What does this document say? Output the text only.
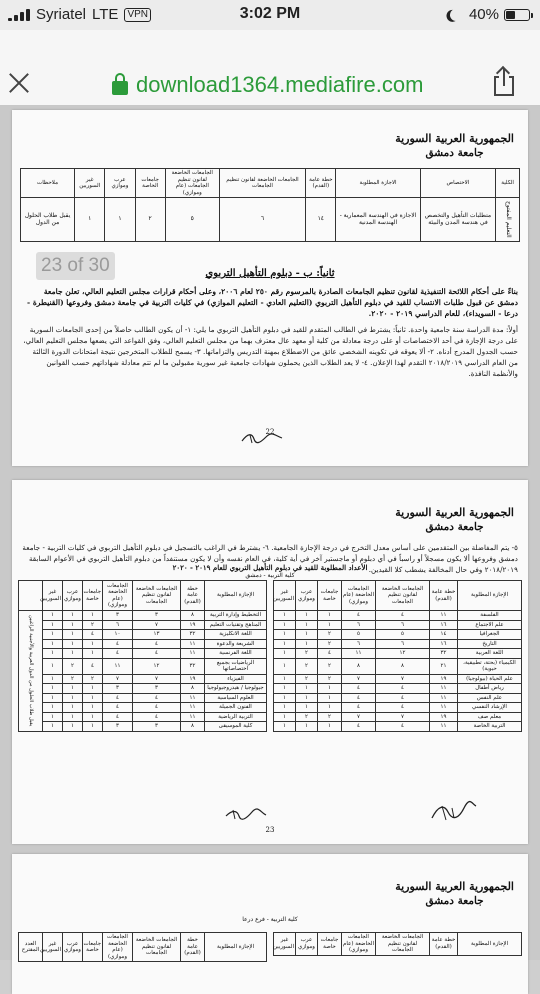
Syriatel LTE VPN	3:02 PM	40%
download1364.mediafire.com
23 of 30
الجمهورية العربية السورية
جامعة دمشق
الكلية	الاختصاص	الاجازة المطلوبة	خطة عامة (القدم)	الجامعات الخاضعة لقانون تنظيم الجامعات	الجامعات الخاضعة لقانون تنظيم الجامعات (عام وموازي)	جامعات الخاصة	عرب وموازي	غير السوريين	ملاحظات
التعليم المفتوح	متطلبات التأهيل والتخصص في هندسة المدن والبيئة	الاجازة في الهندسة المعمارية - الهندسة المدنية	١٤	٦	٥	٢	١	١	يقبل طلاب الحلول من الدول
ثانياً: ب - دبلوم التأهيل التربوي
بناءً على أحكام اللائحة التنفيذية لقانون تنظيم الجامعات الصادرة بالمرسوم رقم ٢٥٠ لعام ٢٠٠٦، وعلى أحكام قرارات مجلس التعليم العالي، تعلن جامعة دمشق عن قبول طلبات الانتساب للقيد في دبلوم التأهيل التربوي (التعليم العادي - التعليم الموازي) في كليات التربية في جامعة دمشق وفروعها (القنيطرة - درعا - السويداء)، للعام الدراسي ٢٠١٩ - ٢٠٢٠.
أولاً: مدة الدراسة سنة جامعية واحدة. ثانياً: يشترط في الطالب المتقدم للقيد في دبلوم التأهيل التربوي ما يلي: ١- أن يكون الطالب حاصلاً من إحدى الجامعات السورية على درجة الإجازة في أحد الاختصاصات أو على درجة معادلة من كلية أو معهد عال معترف بهما من مجلس التعليم العالي، وفق القواعد التي يضعها مجلس التعليم العالي، حسب الجدول المدرج أدناه. ٢- ألا يعوقه في تكوينه الشخصي عائق من الاضطلاع بمهنة التدريس والتزاماتها. ٣- يسمح للطلاب المتخرجين نتيجة امتحانات الدورة الثالثة من العام الدراسي ٢٠١٨/٢٠١٩ التقدم لهذا الإعلان. ٤- لا يعد الطلاب الذين يحملون شهادات جامعية غير سورية مقبولين ما لم تتم معادلة شهاداتهم حسب القوانين والأنظمة النافذة.
22
الجمهورية العربية السورية
جامعة دمشق
٥- يتم المفاضلة بين المتقدمين على أساس معدل التخرج في درجة الإجازة الجامعية. ٦- يشترط في الراغب بالتسجيل في دبلوم التأهيل التربوي في كليات التربية - جامعة دمشق وفروعها ألا يكون مسجلاً أو راسباً في أي دبلوم أو ماجستير آخر في أية كلية، في العام نفسه وأن لا يكون مستنفداً من دبلوم التأهيل التربوي في الأعوام السابقة ٢٠١٨/٢٠١٩ وفي حال المخالفة يشطب كلا القيدين.
الأعداد المطلوبة للقيد في دبلوم التأهيل التربوي للعام ٢٠١٩ - ٢٠٢٠
كلية التربية - دمشق
الإجازة المطلوبة	خطة عامة (القدم)	الجامعات الخاضعة لقانون تنظيم الجامعات	الجامعات الخاضعة (عام وموازي)	جامعات خاصة	عرب وموازي	غير السوريين
الفلسفة	١١	٤	٤	١	١	١
علم الاجتماع	١٦	٦	٦	١	١	١
الجغرافيا	١٤	٥	٥	٢	١	١
التاريخ	١٦	٦	٦	٢	١	١
اللغة العربية	٣٢	١٢	١١	٤	٢	١
الكيمياء (بحتة، تطبيقية، حيوية)	٢١	٨	٨	٢	٢	١
علم الحياة (بيولوجيا)	١٩	٧	٧	٢	٢	١
رياض أطفال	١١	٤	٤	١	١	١
علم النفس	١١	٤	٤	١	١	١
الإرشاد النفسي	١١	٤	٤	١	١	١
معلم صف	١٩	٧	٧	٢	٢	١
التربية الخاصة	١١	٤	٤	١	١	١
الإجازة المطلوبة	خطة عامة (القدم)	الجامعات الخاضعة لقانون تنظيم الجامعات	الجامعات الخاضعة (عام وموازي)	جامعات خاصة	عرب وموازي	غير السوريين	
التخطيط وإدارة التربية	٨	٣	٣	١	١	١	يقبل طلاب الحلول من الدول العربية والأجنبية الراغبين
المناهج وتقنيات التعليم	١٩	٧	٦	٢	١	١	
اللغة الانكليزية	٣٢	١٣	١٠	٤	١	١	
الشريعة والدعوة	١١	٤	٤	١	١	١	
اللغة الفرنسية	١١	٤	٤	١	١	١	
الرياضيات بجميع اختصاصاتها	٣٢	١٢	١١	٤	٢	١	
الفيزياء	١٩	٧	٧	٢	٢	١	
جيولوجيا / هيدروجيولوجيا	٨	٣	٣	١	١	١	
العلوم السياسية	١١	٤	٤	١	١	١	
الفنون الجميلة	١١	٤	٤	١	١	١	
التربية الرياضية	١١	٤	٤	١	١	١	
كلية الموسيقى	٨	٣	٣	١	١	١	
23
الجمهورية العربية السورية
جامعة دمشق
كلية التربية - فرع درعا
الإجازة المطلوبة	خطة عامة (القدم)	الجامعات الخاضعة لقانون تنظيم الجامعات	الجامعات الخاضعة (عام وموازي)	جامعات خاصة	عرب وموازي	غير السوريين
الإجازة المطلوبة	خطة عامة (القدم)	الجامعات الخاضعة لقانون تنظيم الجامعات	الجامعات الخاضعة (عام وموازي)	جامعات خاصة	عرب وموازي	غير السوريين	العدد المقترح
